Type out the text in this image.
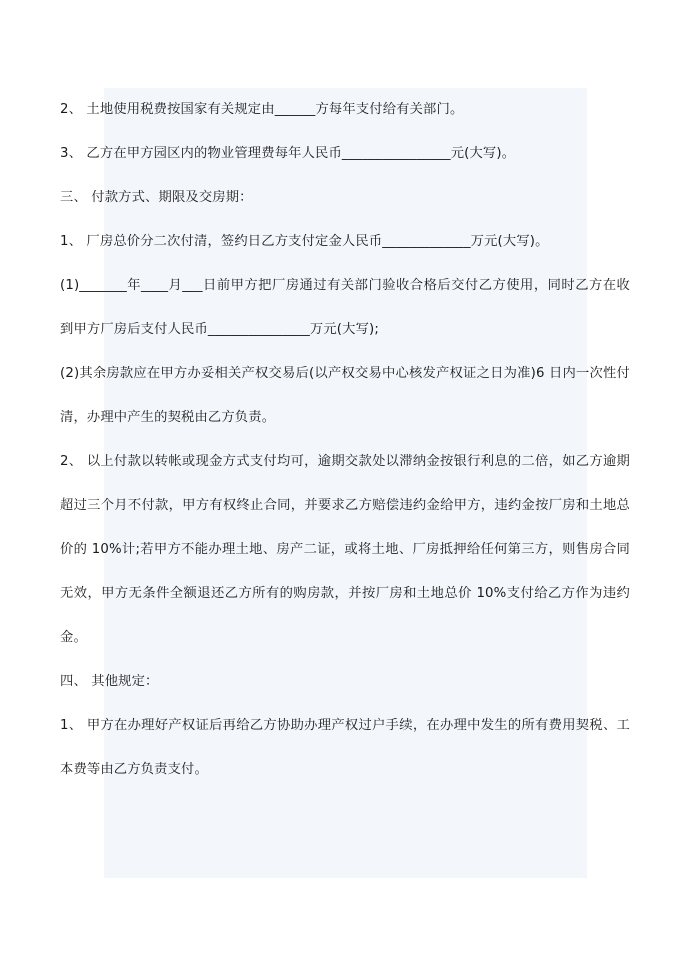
2、 土地使用税费按国家有关规定由______方每年支付给有关部门。

3、 乙方在甲方园区内的物业管理费每年人民币________________元(大写)。

三、 付款方式、期限及交房期：

1、 厂房总价分二次付清，签约日乙方支付定金人民币_____________万元(大写)。

(1)_______年____月___日前甲方把厂房通过有关部门验收合格后交付乙方使用，同时乙方在收到甲方厂房后支付人民币_______________万元(大写);

(2)其余房款应在甲方办妥相关产权交易后(以产权交易中心核发产权证之日为准)6 日内一次性付清，办理中产生的契税由乙方负责。

2、 以上付款以转帐或现金方式支付均可，逾期交款处以滞纳金按银行利息的二倍，如乙方逾期超过三个月不付款，甲方有权终止合同，并要求乙方赔偿违约金给甲方，违约金按厂房和土地总价的 10%计;若甲方不能办理土地、房产二证，或将土地、厂房抵押给任何第三方，则售房合同无效，甲方无条件全额退还乙方所有的购房款，并按厂房和土地总价 10%支付给乙方作为违约金。

四、 其他规定：

1、 甲方在办理好产权证后再给乙方协助办理产权过户手续，在办理中发生的所有费用契税、工本费等由乙方负责支付。
